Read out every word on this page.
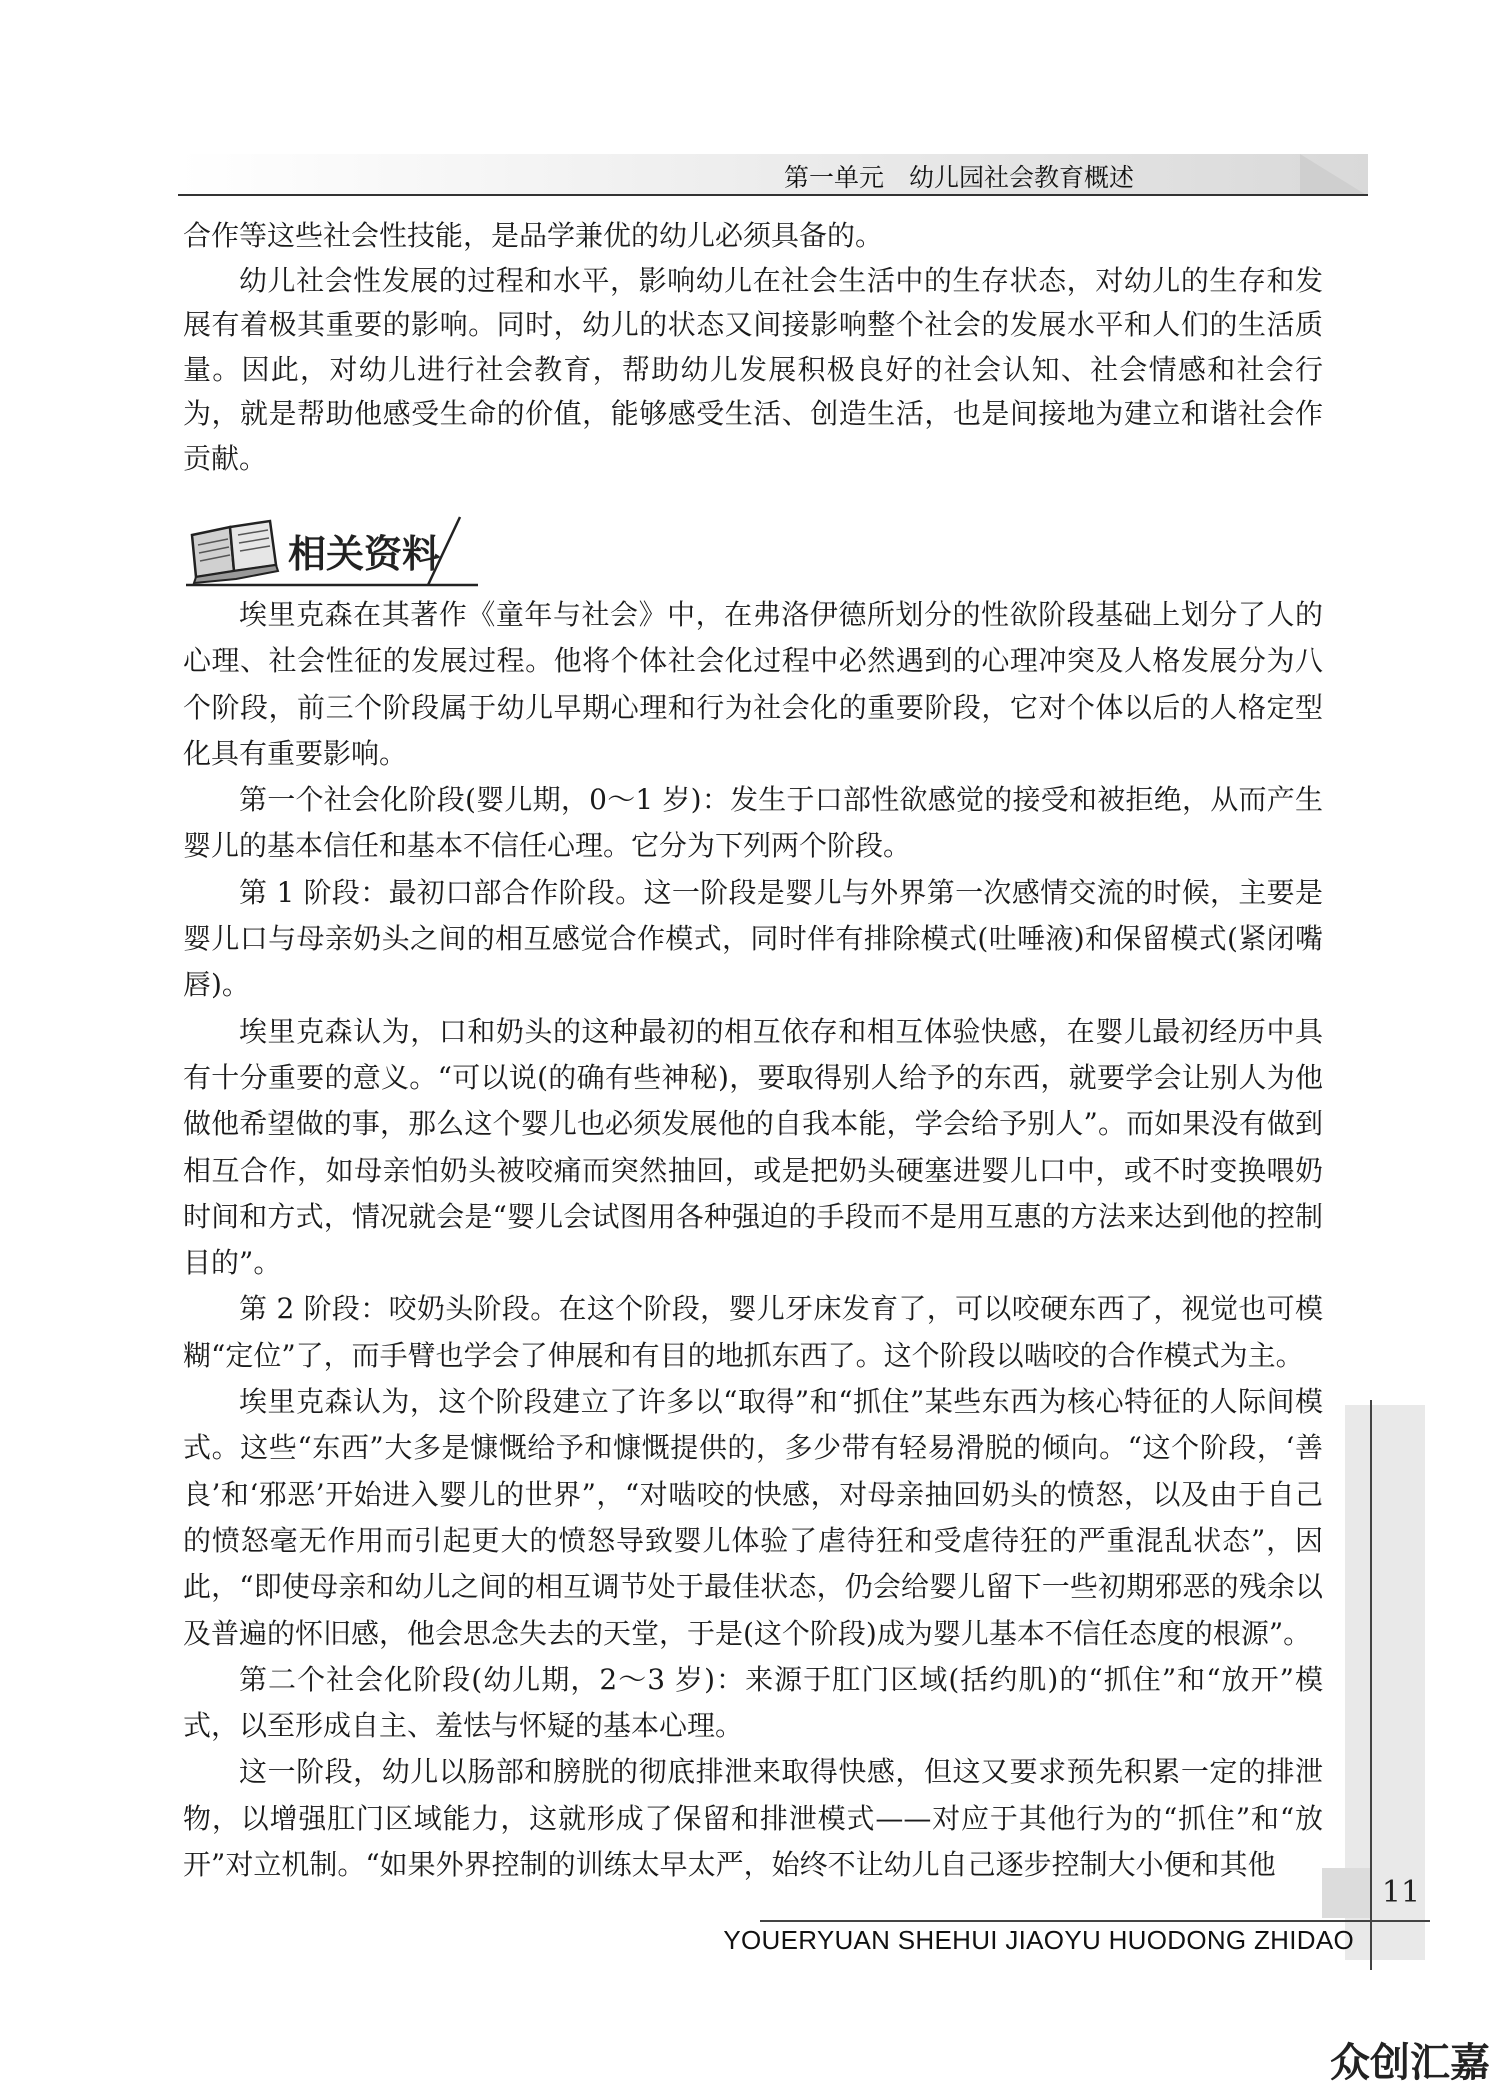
第一单元　幼儿园社会教育概述

合作等这些社会性技能，是品学兼优的幼儿必须具备的。

幼儿社会性发展的过程和水平，影响幼儿在社会生活中的生存状态，对幼儿的生存和发展有着极其重要的影响。同时，幼儿的状态又间接影响整个社会的发展水平和人们的生活质量。因此，对幼儿进行社会教育，帮助幼儿发展积极良好的社会认知、社会情感和社会行为，就是帮助他感受生命的价值，能够感受生活、创造生活，也是间接地为建立和谐社会作贡献。

相关资料

埃里克森在其著作《童年与社会》中，在弗洛伊德所划分的性欲阶段基础上划分了人的心理、社会性征的发展过程。他将个体社会化过程中必然遇到的心理冲突及人格发展分为八个阶段，前三个阶段属于幼儿早期心理和行为社会化的重要阶段，它对个体以后的人格定型化具有重要影响。

第一个社会化阶段(婴儿期，0～1 岁)：发生于口部性欲感觉的接受和被拒绝，从而产生婴儿的基本信任和基本不信任心理。它分为下列两个阶段。

第 1 阶段：最初口部合作阶段。这一阶段是婴儿与外界第一次感情交流的时候，主要是婴儿口与母亲奶头之间的相互感觉合作模式，同时伴有排除模式(吐唾液)和保留模式(紧闭嘴唇)。

埃里克森认为，口和奶头的这种最初的相互依存和相互体验快感，在婴儿最初经历中具有十分重要的意义。“可以说(的确有些神秘)，要取得别人给予的东西，就要学会让别人为他做他希望做的事，那么这个婴儿也必须发展他的自我本能，学会给予别人”。而如果没有做到相互合作，如母亲怕奶头被咬痛而突然抽回，或是把奶头硬塞进婴儿口中，或不时变换喂奶时间和方式，情况就会是“婴儿会试图用各种强迫的手段而不是用互惠的方法来达到他的控制目的”。

第 2 阶段：咬奶头阶段。在这个阶段，婴儿牙床发育了，可以咬硬东西了，视觉也可模糊“定位”了，而手臂也学会了伸展和有目的地抓东西了。这个阶段以啮咬的合作模式为主。

埃里克森认为，这个阶段建立了许多以“取得”和“抓住”某些东西为核心特征的人际间模式。这些“东西”大多是慷慨给予和慷慨提供的，多少带有轻易滑脱的倾向。“这个阶段，‘善良’和‘邪恶’开始进入婴儿的世界”，“对啮咬的快感，对母亲抽回奶头的愤怒，以及由于自己的愤怒毫无作用而引起更大的愤怒导致婴儿体验了虐待狂和受虐待狂的严重混乱状态”，因此，“即使母亲和幼儿之间的相互调节处于最佳状态，仍会给婴儿留下一些初期邪恶的残余以及普遍的怀旧感，他会思念失去的天堂，于是(这个阶段)成为婴儿基本不信任态度的根源”。

第二个社会化阶段(幼儿期，2～3 岁)：来源于肛门区域(括约肌)的“抓住”和“放开”模式，以至形成自主、羞怯与怀疑的基本心理。

这一阶段，幼儿以肠部和膀胱的彻底排泄来取得快感，但这又要求预先积累一定的排泄物，以增强肛门区域能力，这就形成了保留和排泄模式——对应于其他行为的“抓住”和“放开”对立机制。“如果外界控制的训练太早太严，始终不让幼儿自己逐步控制大小便和其他

11
YOUERYUAN SHEHUI JIAOYU HUODONG ZHIDAO
众创汇嘉
